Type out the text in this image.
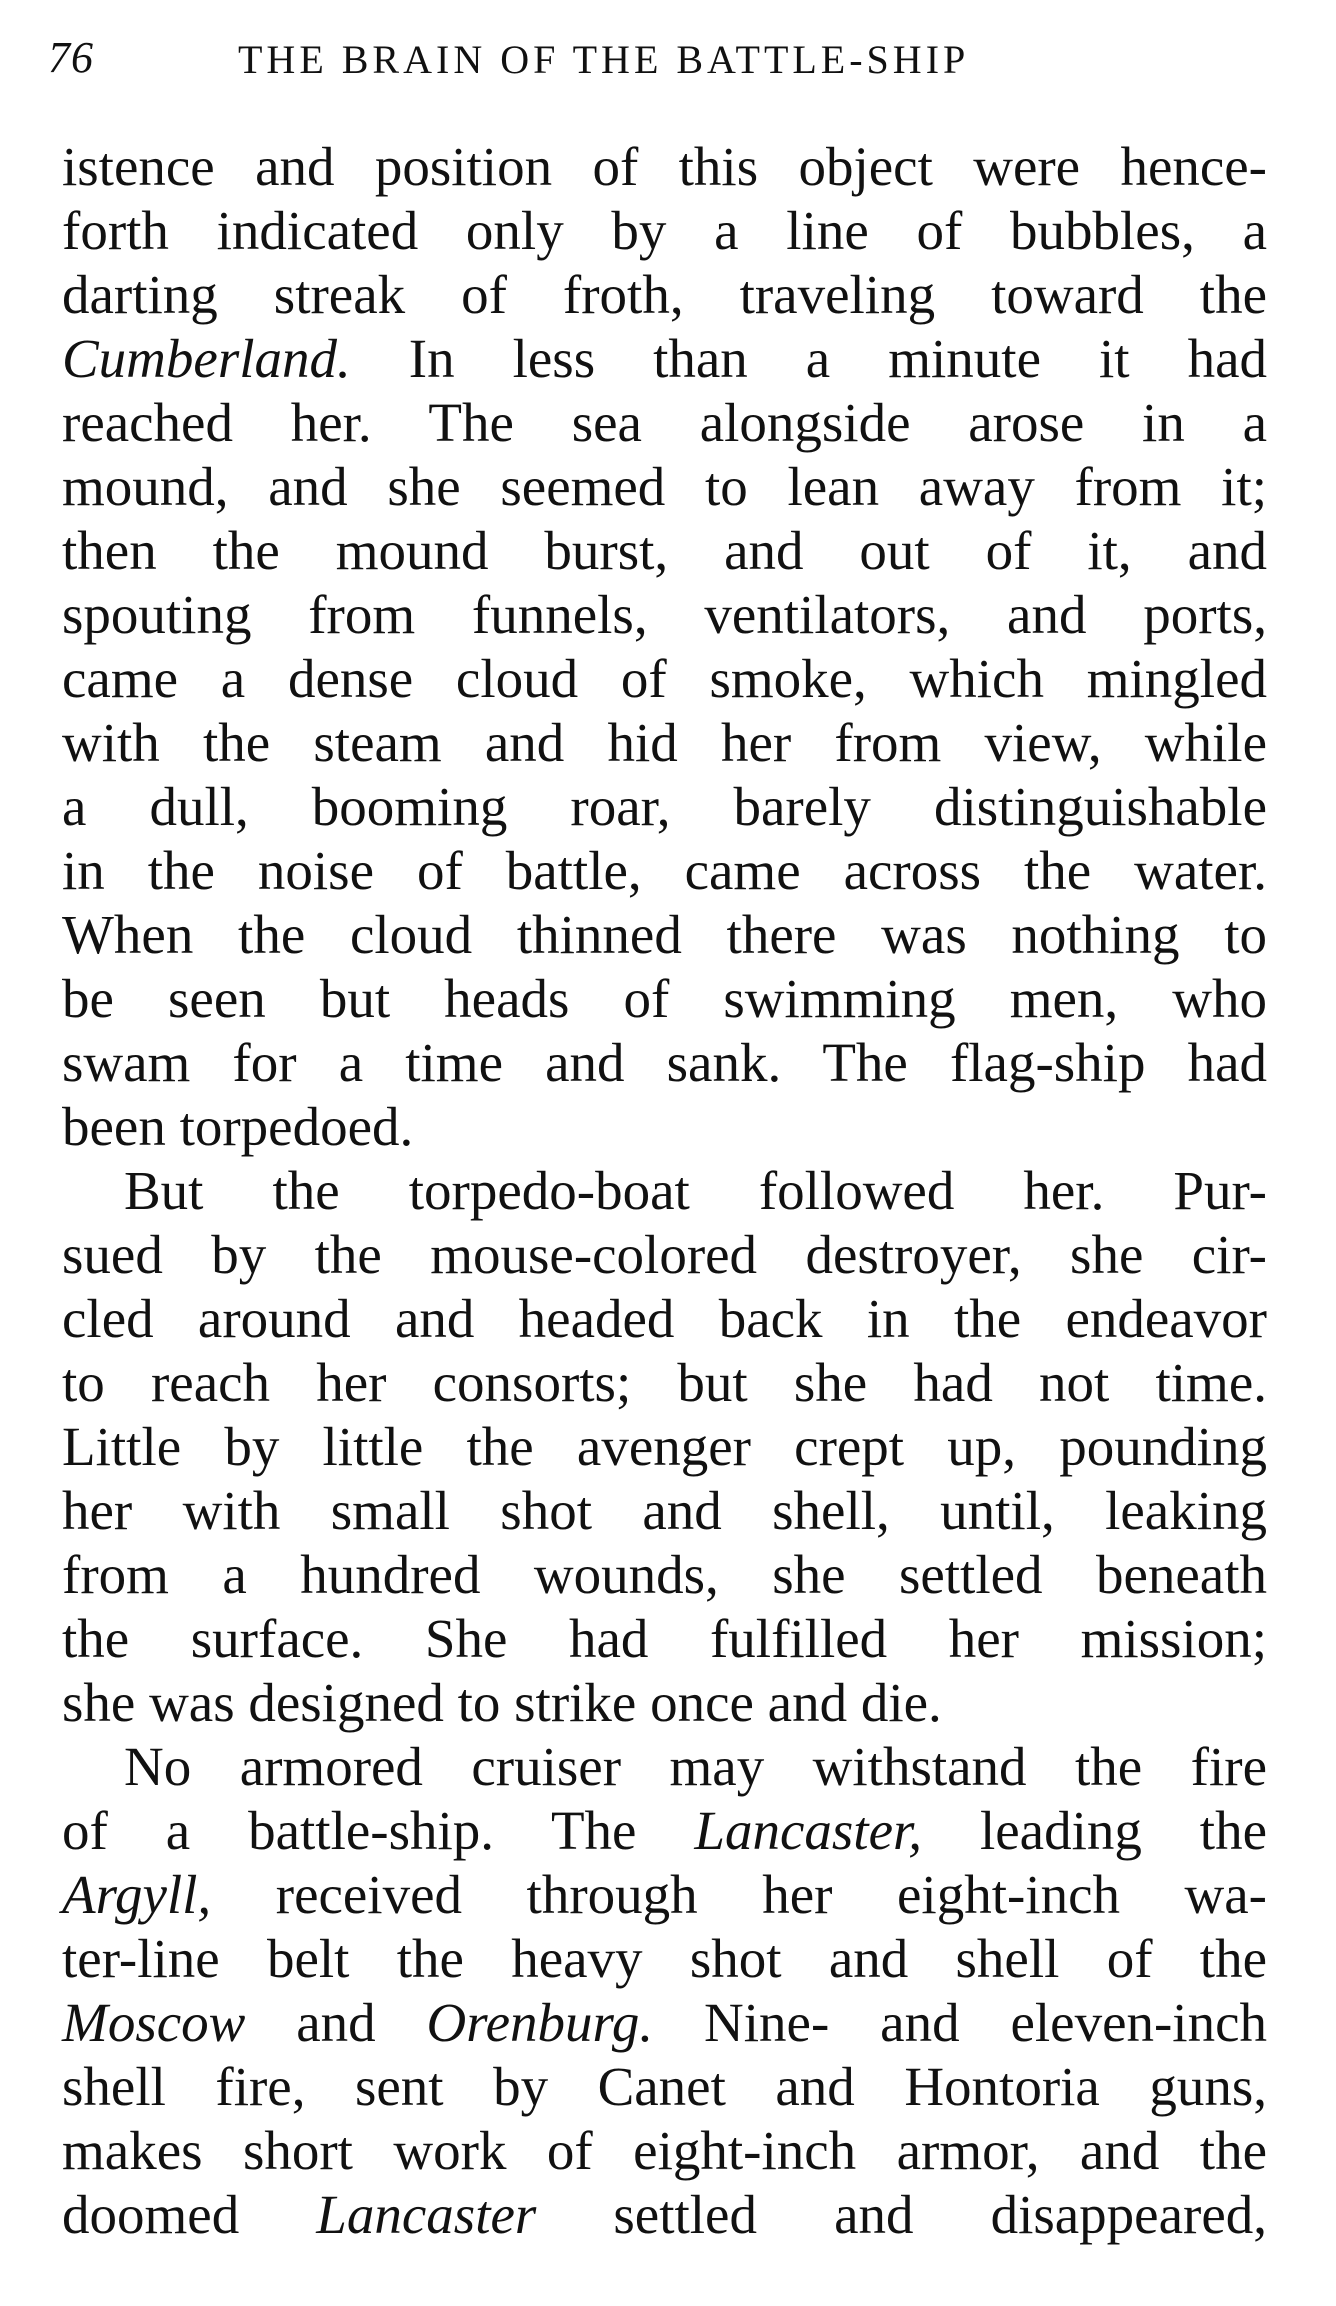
76	THE BRAIN OF THE BATTLE-SHIP
istence and position of this object were hence-
forth indicated only by a line of bubbles, a
darting streak of froth, traveling toward the
Cumberland. In less than a minute it had
reached her. The sea alongside arose in a
mound, and she seemed to lean away from it;
then the mound burst, and out of it, and
spouting from funnels, ventilators, and ports,
came a dense cloud of smoke, which mingled
with the steam and hid her from view, while
a dull, booming roar, barely distinguishable
in the noise of battle, came across the water.
When the cloud thinned there was nothing to
be seen but heads of swimming men, who
swam for a time and sank. The flag-ship had
been torpedoed.
But the torpedo-boat followed her. Pur-
sued by the mouse-colored destroyer, she cir-
cled around and headed back in the endeavor
to reach her consorts; but she had not time.
Little by little the avenger crept up, pounding
her with small shot and shell, until, leaking
from a hundred wounds, she settled beneath
the surface. She had fulfilled her mission;
she was designed to strike once and die.
No armored cruiser may withstand the fire
of a battle-ship. The Lancaster, leading the
Argyll, received through her eight-inch wa-
ter-line belt the heavy shot and shell of the
Moscow and Orenburg. Nine- and eleven-inch
shell fire, sent by Canet and Hontoria guns,
makes short work of eight-inch armor, and the
doomed Lancaster settled and disappeared,
